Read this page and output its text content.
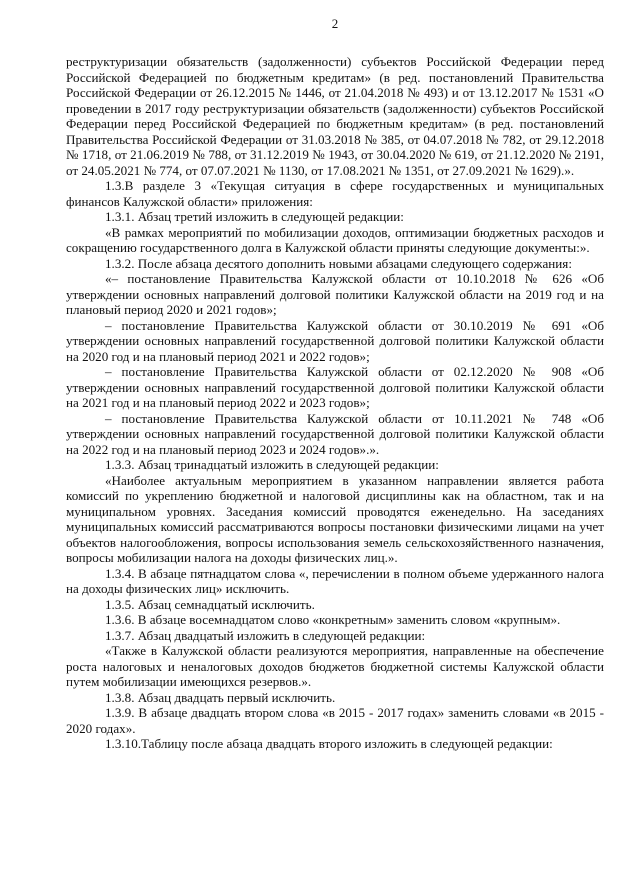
2

реструктуризации обязательств (задолженности) субъектов Российской Федерации перед Российской Федерацией по бюджетным кредитам» (в ред. постановлений Правительства Российской Федерации от 26.12.2015 № 1446, от 21.04.2018 № 493) и от 13.12.2017 № 1531 «О проведении в 2017 году реструктуризации обязательств (задолженности) субъектов Российской Федерации перед Российской Федерацией по бюджетным кредитам» (в ред. постановлений Правительства Российской Федерации от 31.03.2018 № 385, от 04.07.2018 № 782, от 29.12.2018 № 1718, от 21.06.2019 № 788, от 31.12.2019 № 1943, от 30.04.2020 № 619, от 21.12.2020 № 2191, от 24.05.2021 № 774, от 07.07.2021 № 1130, от 17.08.2021 № 1351, от 27.09.2021 № 1629).».

1.3.В разделе 3 «Текущая ситуация в сфере государственных и муниципальных финансов Калужской области» приложения:

1.3.1. Абзац третий изложить в следующей редакции:

«В рамках мероприятий по мобилизации доходов, оптимизации бюджетных расходов и сокращению государственного долга в Калужской области приняты следующие документы:».

1.3.2. После абзаца десятого дополнить новыми абзацами следующего содержания:

«– постановление Правительства Калужской области от 10.10.2018 № 626 «Об утверждении основных направлений долговой политики Калужской области на 2019 год и на плановый период 2020 и 2021 годов»;

– постановление Правительства Калужской области от 30.10.2019 № 691 «Об утверждении основных направлений государственной долговой политики Калужской области на 2020 год и на плановый период 2021 и 2022 годов»;

– постановление Правительства Калужской области от 02.12.2020 № 908 «Об утверждении основных направлений государственной долговой политики Калужской области на 2021 год и на плановый период 2022 и 2023 годов»;

– постановление Правительства Калужской области от 10.11.2021 № 748 «Об утверждении основных направлений государственной долговой политики Калужской области на 2022 год и на плановый период 2023 и 2024 годов».».

1.3.3. Абзац тринадцатый изложить в следующей редакции:

«Наиболее актуальным мероприятием в указанном направлении является работа комиссий по укреплению бюджетной и налоговой дисциплины как на областном, так и на муниципальном уровнях. Заседания комиссий проводятся еженедельно. На заседаниях муниципальных комиссий рассматриваются вопросы постановки физическими лицами на учет объектов налогообложения, вопросы использования земель сельскохозяйственного назначения, вопросы мобилизации налога на доходы физических лиц.».

1.3.4. В абзаце пятнадцатом слова «, перечислении в полном объеме удержанного налога на доходы физических лиц» исключить.

1.3.5. Абзац семнадцатый исключить.

1.3.6. В абзаце восемнадцатом слово «конкретным» заменить словом «крупным».

1.3.7. Абзац двадцатый изложить в следующей редакции:

«Также в Калужской области реализуются мероприятия, направленные на обеспечение роста налоговых и неналоговых доходов бюджетов бюджетной системы Калужской области путем мобилизации имеющихся резервов.».

1.3.8. Абзац двадцать первый исключить.

1.3.9. В абзаце двадцать втором слова «в 2015 - 2017 годах» заменить словами «в 2015 - 2020 годах».

1.3.10.Таблицу после абзаца двадцать второго изложить в следующей редакции:
